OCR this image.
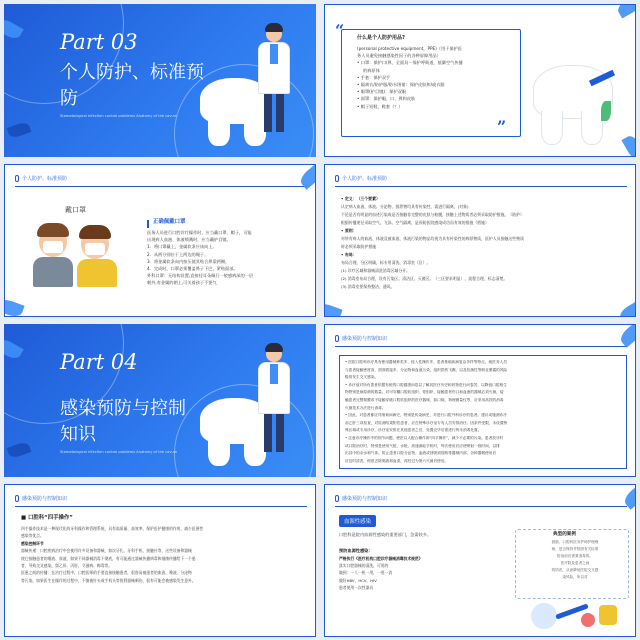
Part 03
个人防护、标准预防
Stomatological infection control problems Anatomy of the cavum
“
”
什么是个人防护用品?
(personal protective equipment，PPE)（用于保护医
务人员避免接触感染性因子的各种屏障用品）
• 口罩：保护口/鼻，全面具－保护呼吸道，抵御空气传播
的病原体
• 手套：保护双手
• 隔离衣/防护服/防水围裙：保护皮肤和/或衣服
• 眼罩(护目镜)：保护双眼
• 面罩：保护眼、口、鼻和皮肤
• 帽子短鞋，鞋套（？）
个人防护、标准预防
戴口罩
正确佩戴口罩
医务人员进行口腔诊疗操作时，应当戴口罩、帽子，可能
出现病人血液、体液喷溅时，应当戴护目镜。
1．将口罩戴上，金属软条应该向上。
2．从两分别拉于上两边的绳子。
3．将金属软条向内按压使其贴合鼻梁两侧。
4．完成时，口罩必须覆盖鼻子下巴，紧贴面部。
外科口罩：无结构设置,直接挂耳朵佩行一般感病深的一层
朝外,有金属的朝上,可关着孩子不要气
个人防护、标准预防
• 定义：（三个要素）
认定病人血液、体液、分泌物、排泄物均具有传染性，需进行隔离，(对象)
不论是否有明显的血迹污染或是否接触非完整的皮肤与粘膜，接触上述物质者必须采取防护措施。（防护）
根据传播途径采取空气、飞沫、空气隔离，是预防医院感染成功而有效的措施（措施）
• 原则：
对所有病人的血液、体液及被血液、体液污染的物品均视为具有传染性的病原物质，医护人员接触这些物质
时必须采取防护措施
• 布局：
布局合理，分区明确，标专用清洗、消毒室（区）。
(1) 诊疗区域和器械清洗消毒区域分开。
(2) 消毒室布局合理，设有污染区、清洁区、灭菌区。（三区要求明显），流程合理，标志清楚。
(3) 消毒室要保持整洁，通风。
Part 04
感染预防与控制知识
Stomatological infection control problems Anatomy of the cavum
感染预防与控制知识
• 医院口腔科诊疗具有使用器械种类多、侵入性操作多、患者基础疾病复杂多样等特点，就医务人员
与患者接触密度高、面面看接多、分泌物和血液污染，组织损伤飞溅，以及抗菌性等职业暴露的风险
极易发生交叉感染。
• 诊疗前对所有患者依据有统的口腔健康问卷以了解其医疗历史和药物进行问卷答，以降低口腔相生
物特别是病原菌的数量。对可穿戴口腔软组织、骨组织、接触患者伤口和血液的器械必须灭菌，接
触患者完整黏膜或不接触穿破口腔软组织的医疗器械，如口镜、物理测量仪等，应采用高效的消毒
灭菌技术办法进行消毒。
• 因此，对患者都应详细询问病史，特别是传染病史，对进行口腔外科诊疗的患者，建议或施测诊疗
前乙肝三项检查，对检测结果阳性患者，应在特殊诊疗室专有人员安排治疗。因条件受限，未设置特
殊区域或专用诊疗，诊疗室安排在其他患者之后，处置完毕后需进行终末消毒处置。
• 注意诊疗操作中的细节问题，使医以人配合操作即“四手操作”，减少不必要的污染。患者放牙时
或口腔治疗时，特别是使用气枪、水枪、高速涡轮手机时，每次使用后应使喷射一段时间，以排
出其中的余水和气体。防止患者口腔分泌物、血液或回吸到管路等器械内部，各种器械使用后
应及时清洗，彻底去除黏液和血渍，再经过为第六灭菌后使用。
感染预防与控制知识
■ 口腔科“四手操作”
四手操作技术是一种现代化的牙科操作和管理系统，具有高质量、高效率、保护医护健康的作用，减少医围性
感染等优点。
感染控制环节
器械传递：口腔疾病治疗中会使用许多设备和器械，如次牙扎、牙科手机、接触针等，这些设备和器械
使它接触患者的唾液、血液，如果不同器械消毒不彻底，有可能通过器械传播病毒和细菌传播给下一个患
者，导致交叉感染，如乙肝、丙肝、艾滋病、梅毒等。
医患之间的传播：在治疗过程中，口腔医师的手要直接接触患者，很容易被患者的血液、唾液、分泌物
等污染，如果医生在操作的过程中，不慎被针头或手机头等锐利器械刺伤，很有可能会被感染发生意外。
感染预防与控制知识
血源性感染
口腔科是院内血源性感染的重要部门，急需较多。
预防血源性感染：
严格执行《医疗机构口腔诊疗器械消毒技术规范》
落实口腔器械的清洗，可用的
做到：一人一机一用，一用一消
做好HBV，HCV，HIV
患者使用一次性器具
典型的案例
鼓励、口腔科医务护师护理理
师，是否保持并按照有关标准
防治前后需要消毒的。
医疗院及患者之间
的防范，从而降低医院交叉感
染风险，所以对
